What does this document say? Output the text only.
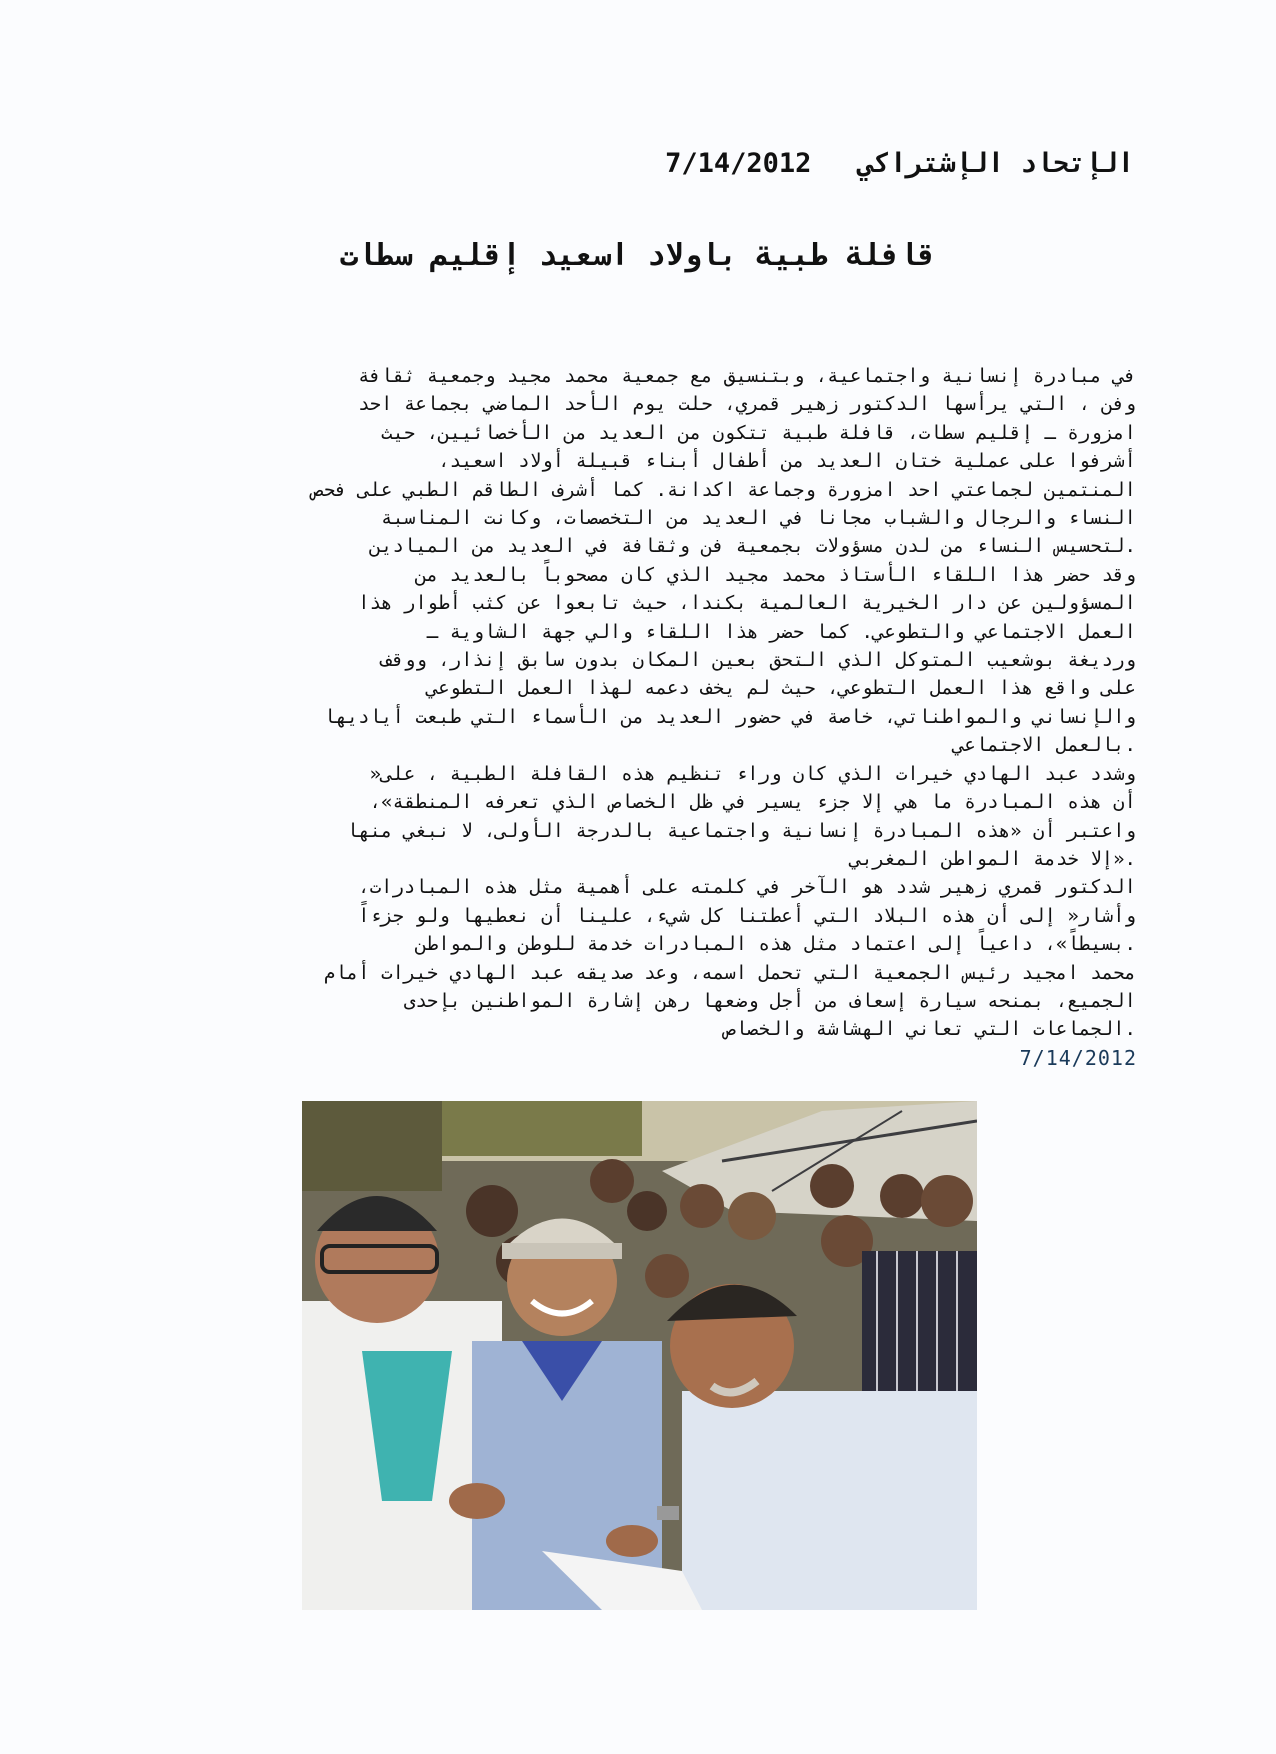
الإتحاد الإشتراكي 7/14/2012
قافلة طبية باولاد اسعيد إقليم سطات

في مبادرة إنسانية واجتماعية، وبتنسيق مع جمعية محمد مجيد وجمعية ثقافة

وفن ، التي يرأسها الدكتور زهير قمري، حلت يوم الأحد الماضي بجماعة احد

امزورة ـ إقليم سطات، قافلة طبية تتكون من العديد من الأخصائيين، حيث

أشرفوا على عملية ختان العديد من أطفال أبناء قبيلة أولاد اسعيد،

المنتمين لجماعتي احد امزورة وجماعة اكدانة. كما أشرف الطاقم الطبي على فحص

النساء والرجال والشباب مجانا في العديد من التخصصات، وكانت المناسبة

.لتحسيس النساء من لدن مسؤولات بجمعية فن وثقافة في العديد من الميادين

وقد حضر هذا اللقاء الأستاذ محمد مجيد الذي كان مصحوباً بالعديد من

المسؤولين عن دار الخيرية العالمية بكندا، حيث تابعوا عن كثب أطوار هذا

العمل الاجتماعي والتطوعي. كما حضر هذا اللقاء والي جهة الشاوية ـ

ورديغة بوشعيب المتوكل الذي التحق بعين المكان بدون سابق إنذار، ووقف

على واقع هذا العمل التطوعي، حيث لم يخف دعمه لهذا العمل التطوعي

والإنساني والمواطناتي، خاصة في حضور العديد من الأسماء التي طبعت أياديها

.بالعمل الاجتماعي

وشدد عبد الهادي خيرات الذي كان وراء تنظيم هذه القافلة الطبية ، على«

أن هذه المبادرة ما هي إلا جزء يسير في ظل الخصاص الذي تعرفه المنطقة»،

واعتبر أن «هذه المبادرة إنسانية واجتماعية بالدرجة الأولى، لا نبغي منها

.«إلا خدمة المواطن المغربي

الدكتور قمري زهير شدد هو الآخر في كلمته على أهمية مثل هذه المبادرات،

وأشار« إلى أن هذه البلاد التي أعطتنا كل شيء، علينا أن نعطيها ولو جزءاً

.بسيطاً»، داعياً إلى اعتماد مثل هذه المبادرات خدمة للوطن والمواطن

محمد امجيد رئيس الجمعية التي تحمل اسمه، وعد صديقه عبد الهادي خيرات أمام

الجميع، بمنحه سيارة إسعاف من أجل وضعها رهن إشارة المواطنين بإحدى

.الجماعات التي تعاني الهشاشة والخصاص

7/14/2012
